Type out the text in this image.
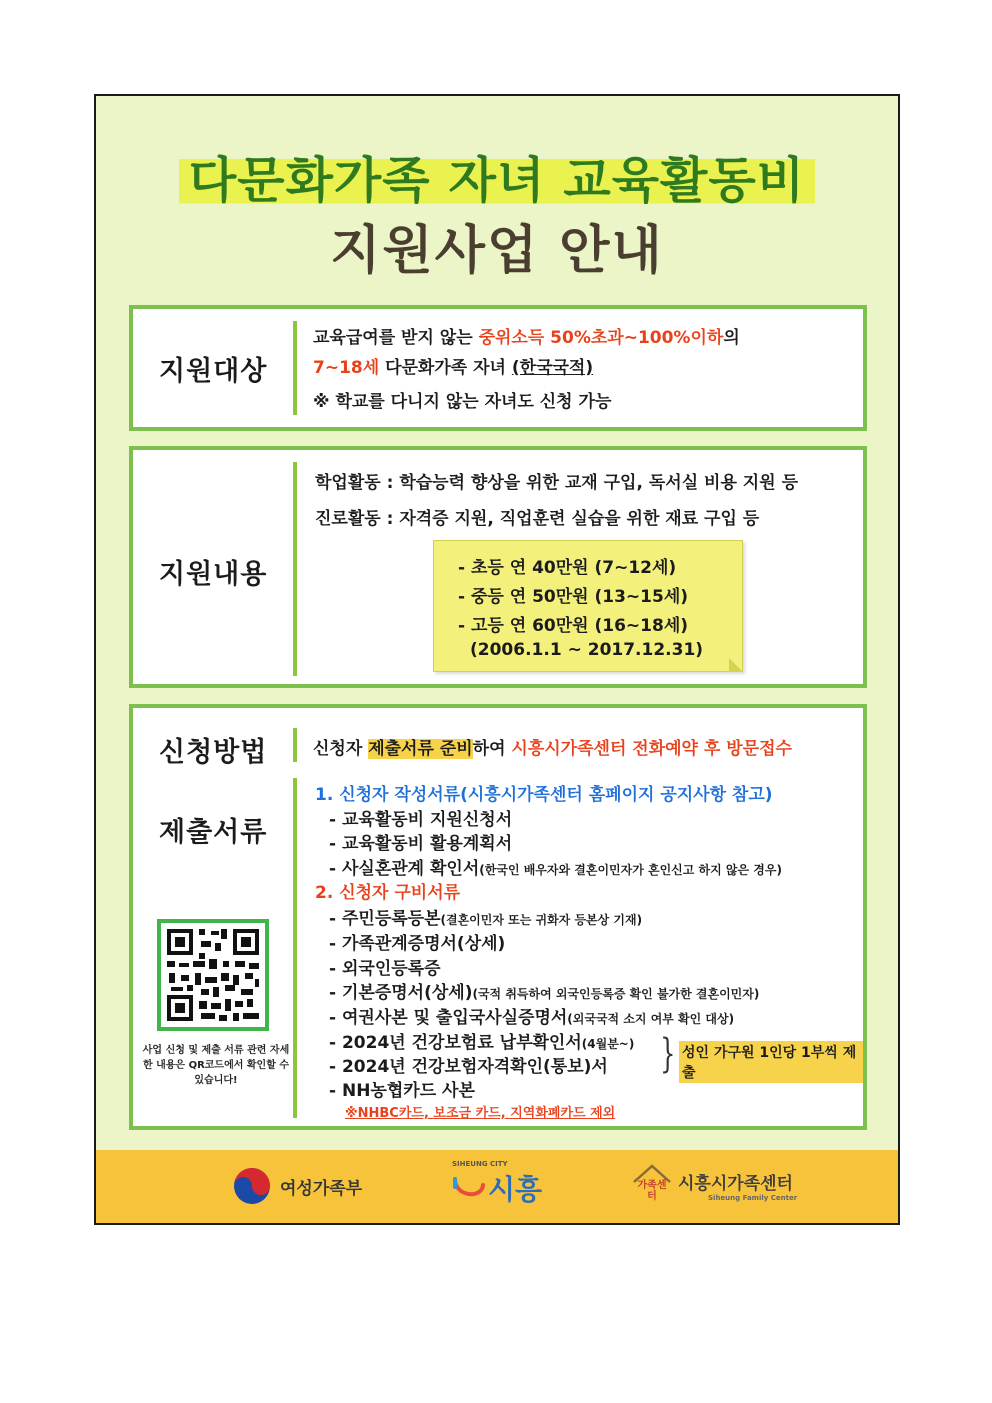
다문화가족 자녀 교육활동비
지원사업 안내
지원대상
교육급여를 받지 않는 중위소득 50%초과~100%이하의
7~18세 다문화가족 자녀 (한국국적)
※ 학교를 다니지 않는 자녀도 신청 가능
지원내용
학업활동 : 학습능력 향상을 위한 교재 구입, 독서실 비용 지원 등
진로활동 : 자격증 지원, 직업훈련 실습을 위한 재료 구입 등
- 초등 연 40만원 (7~12세)
- 중등 연 50만원 (13~15세)
- 고등 연 60만원 (16~18세)
(2006.1.1 ~ 2017.12.31)
신청방법
제출서류
신청자 제출서류 준비하여 시흥시가족센터 전화예약 후 방문접수
1. 신청자 작성서류(시흥시가족센터 홈페이지 공지사항 참고)
- 교육활동비 지원신청서
- 교육활동비 활용계획서
- 사실혼관계 확인서(한국인 배우자와 결혼이민자가 혼인신고 하지 않은 경우)
2. 신청자 구비서류
- 주민등록등본(결혼이민자 또는 귀화자 등본상 기재)
- 가족관계증명서(상세)
- 외국인등록증
- 기본증명서(상세)(국적 취득하여 외국인등록증 확인 불가한 결혼이민자)
- 여권사본 및 출입국사실증명서(외국국적 소지 여부 확인 대상)
- 2024년 건강보험료 납부확인서(4월분~)
- 2024년 건강보험자격확인(통보)서
- NH농협카드 사본
※NHBC카드, 보조금 카드, 지역화폐카드 제외
} 성인 가구원 1인당 1부씩 제출
사업 신청 및 제출 서류 관련 자세한 내용은 QR코드에서 확인할 수 있습니다!
여성가족부
SIHEUNG CITY
시흥	가족센터
시흥시가족센터
Siheung Family Center
